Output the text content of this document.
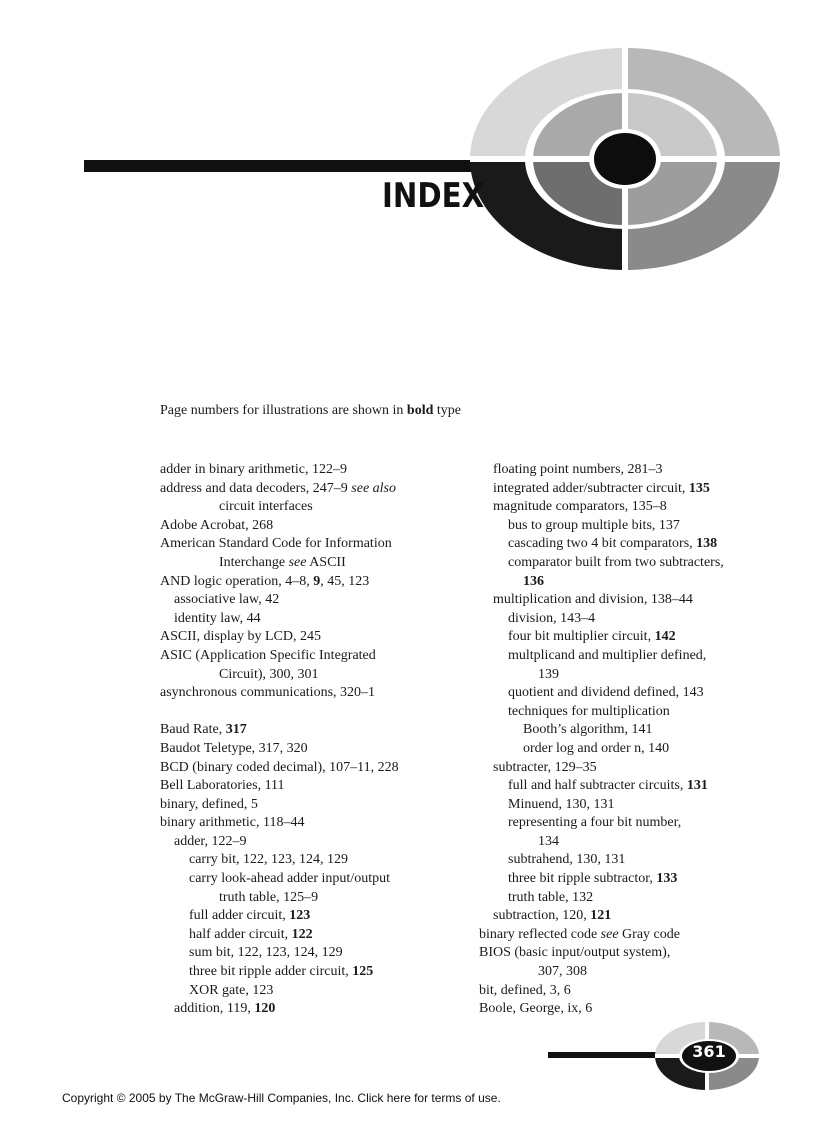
INDEX
Page numbers for illustrations are shown in bold type
adder in binary arithmetic, 122–9
address and data decoders, 247–9 see also
circuit interfaces
Adobe Acrobat, 268
American Standard Code for Information
Interchange see ASCII
AND logic operation, 4–8, 9, 45, 123
associative law, 42
identity law, 44
ASCII, display by LCD, 245
ASIC (Application Specific Integrated
Circuit), 300, 301
asynchronous communications, 320–1
Baud Rate, 317
Baudot Teletype, 317, 320
BCD (binary coded decimal), 107–11, 228
Bell Laboratories, 111
binary, defined, 5
binary arithmetic, 118–44
adder, 122–9
carry bit, 122, 123, 124, 129
carry look-ahead adder input/output
truth table, 125–9
full adder circuit, 123
half adder circuit, 122
sum bit, 122, 123, 124, 129
three bit ripple adder circuit, 125
XOR gate, 123
addition, 119, 120
floating point numbers, 281–3
integrated adder/subtracter circuit, 135
magnitude comparators, 135–8
bus to group multiple bits, 137
cascading two 4 bit comparators, 138
comparator built from two subtracters,
136
multiplication and division, 138–44
division, 143–4
four bit multiplier circuit, 142
multplicand and multiplier defined,
139
quotient and dividend defined, 143
techniques for multiplication
Booth’s algorithm, 141
order log and order n, 140
subtracter, 129–35
full and half subtracter circuits, 131
Minuend, 130, 131
representing a four bit number,
134
subtrahend, 130, 131
three bit ripple subtractor, 133
truth table, 132
subtraction, 120, 121
binary reflected code see Gray code
BIOS (basic input/output system),
307, 308
bit, defined, 3, 6
Boole, George, ix, 6
361
Copyright © 2005 by The McGraw-Hill Companies, Inc. Click here for terms of use.
